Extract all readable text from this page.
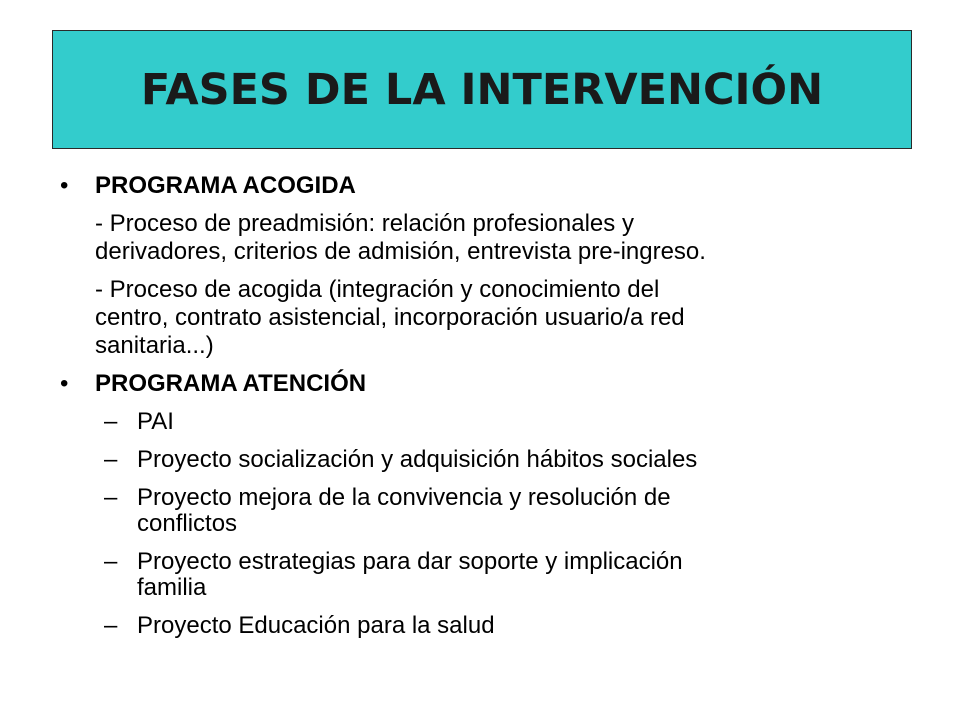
FASES DE LA INTERVENCIÓN
• PROGRAMA ACOGIDA
- Proceso de preadmisión: relación profesionales y
derivadores, criterios de admisión, entrevista pre-ingreso.
- Proceso de acogida (integración y conocimiento del
centro, contrato asistencial, incorporación usuario/a red
sanitaria...)
• PROGRAMA ATENCIÓN
– PAI
– Proyecto socialización y adquisición hábitos sociales
– Proyecto mejora de la convivencia y resolución de
conflictos
– Proyecto estrategias para dar soporte y implicación
familia
– Proyecto Educación para la salud
